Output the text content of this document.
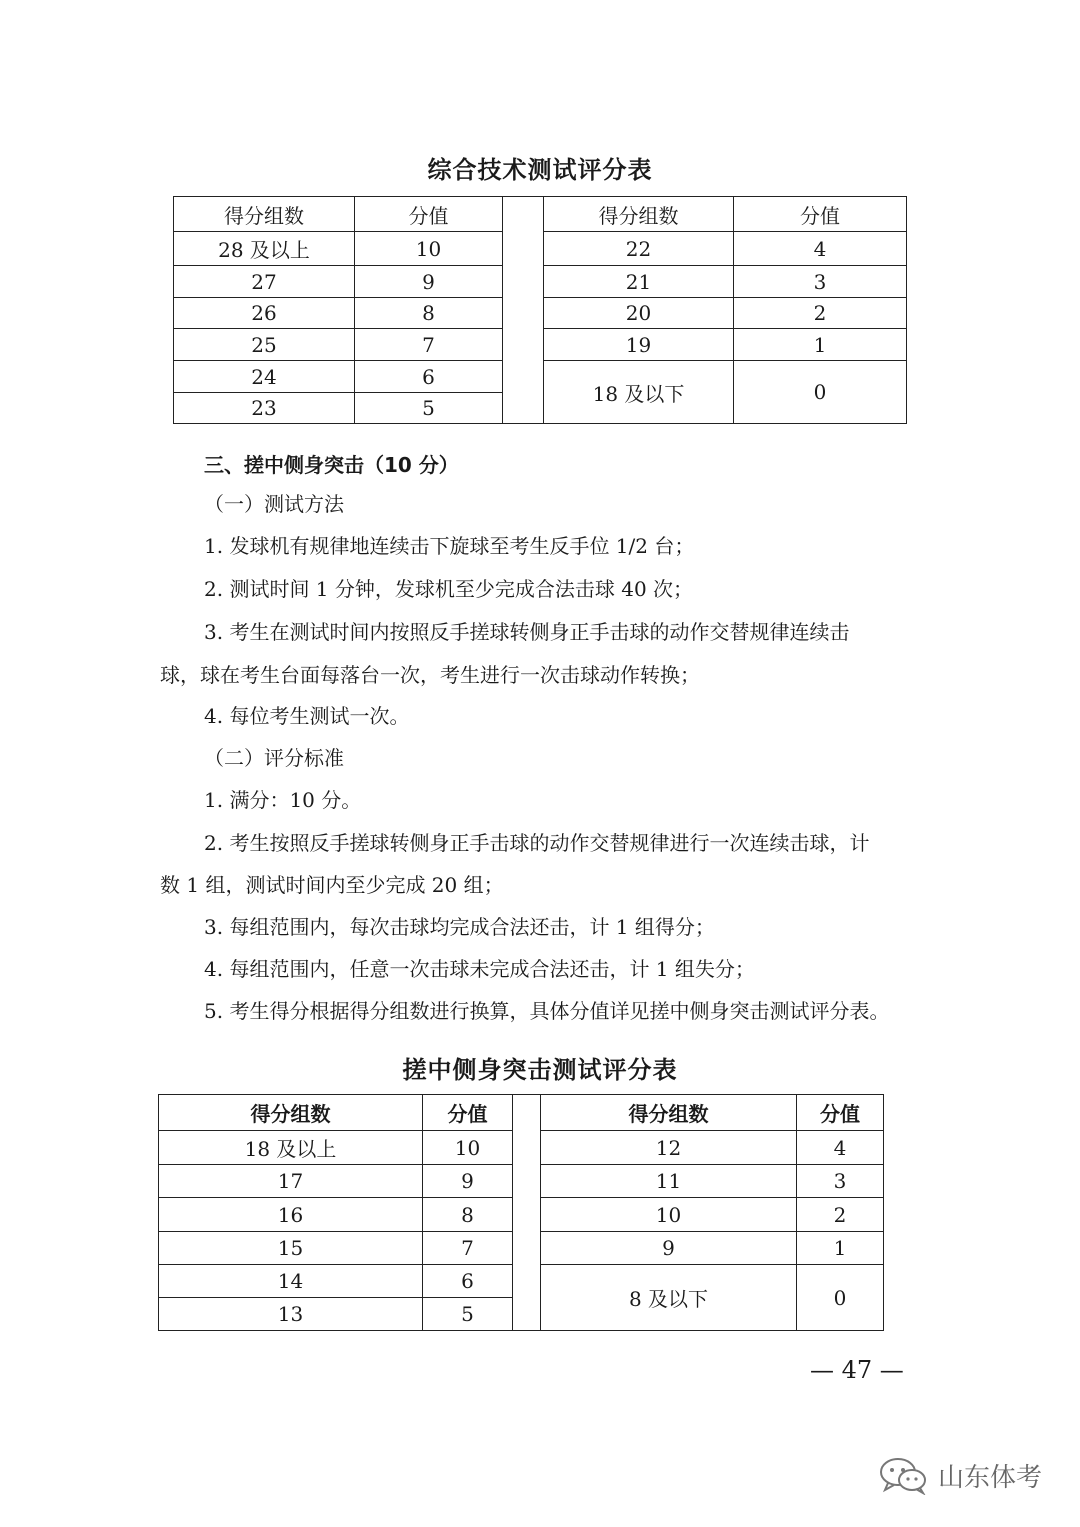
综合技术测试评分表
得分组数	分值		得分组数	分值
28 及以上	10		22	4
27	9		21	3
26	8		20	2
25	7		19	1
24	6		18 及以下	0
23	5			
三、搓中侧身突击（10 分）
（一）测试方法
1. 发球机有规律地连续击下旋球至考生反手位 1/2 台；
2. 测试时间 1 分钟，发球机至少完成合法击球 40 次；
3. 考生在测试时间内按照反手搓球转侧身正手击球的动作交替规律连续击
球，球在考生台面每落台一次，考生进行一次击球动作转换；
4. 每位考生测试一次。
（二）评分标准
1. 满分：10 分。
2. 考生按照反手搓球转侧身正手击球的动作交替规律进行一次连续击球，计
数 1 组，测试时间内至少完成 20 组；
3. 每组范围内，每次击球均完成合法还击，计 1 组得分；
4. 每组范围内，任意一次击球未完成合法还击，计 1 组失分；
5. 考生得分根据得分组数进行换算，具体分值详见搓中侧身突击测试评分表。
搓中侧身突击测试评分表
得分组数	分值		得分组数	分值
18 及以上	10		12	4
17	9		11	3
16	8		10	2
15	7		9	1
14	6		8 及以下	0
13	5			
— 47 —
山东体考
